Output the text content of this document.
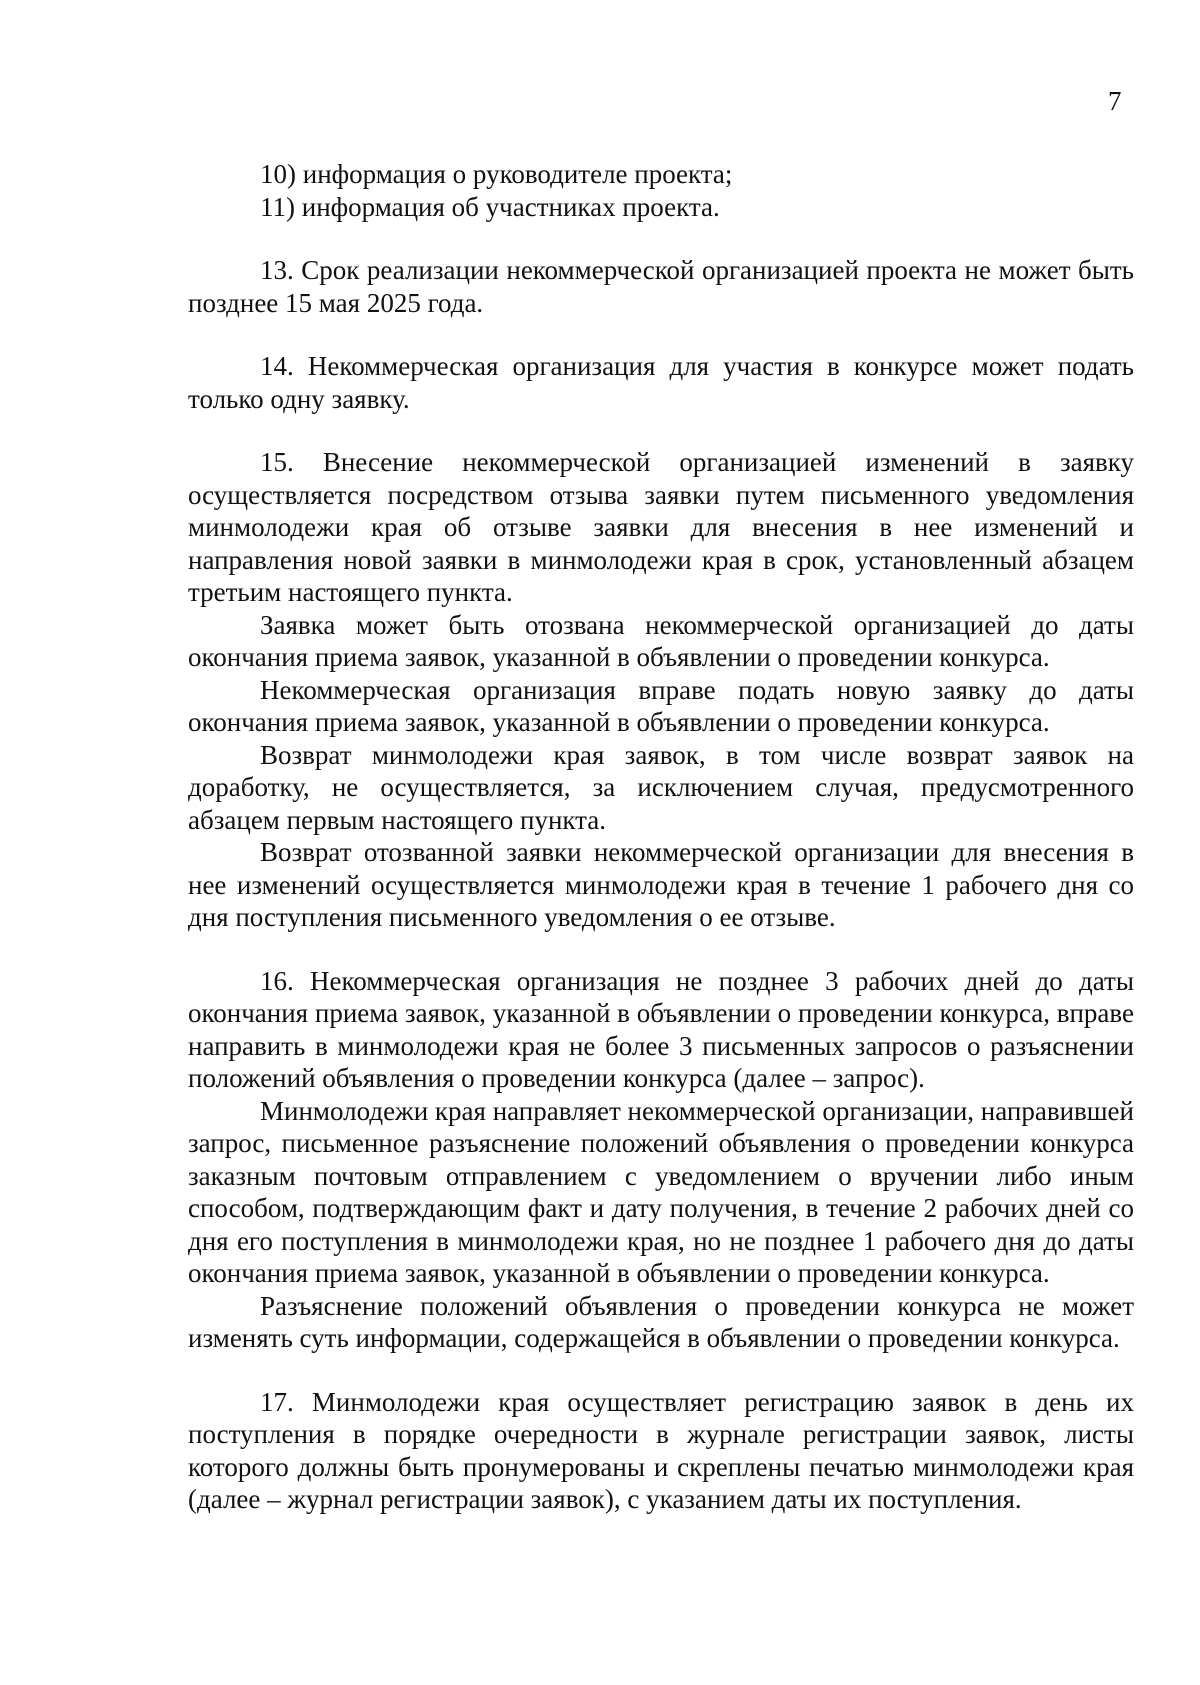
7

10) информация о руководителе проекта;

11) информация об участниках проекта.

13. Срок реализации некоммерческой организацией проекта не может быть позднее 15 мая 2025 года.

14. Некоммерческая организация для участия в конкурсе может подать только одну заявку.

15. Внесение некоммерческой организацией изменений в заявку осуществляется посредством отзыва заявки путем письменного уведомления минмолодежи края об отзыве заявки для внесения в нее изменений и направления новой заявки в минмолодежи края в срок, установленный абзацем третьим настоящего пункта.

Заявка может быть отозвана некоммерческой организацией до даты окончания приема заявок, указанной в объявлении о проведении конкурса.

Некоммерческая организация вправе подать новую заявку до даты окончания приема заявок, указанной в объявлении о проведении конкурса.

Возврат минмолодежи края заявок, в том числе возврат заявок на доработку, не осуществляется, за исключением случая, предусмотренного абзацем первым настоящего пункта.

Возврат отозванной заявки некоммерческой организации для внесения в нее изменений осуществляется минмолодежи края в течение 1 рабочего дня со дня поступления письменного уведомления о ее отзыве.

16. Некоммерческая организация не позднее 3 рабочих дней до даты окончания приема заявок, указанной в объявлении о проведении конкурса, вправе направить в минмолодежи края не более 3 письменных запросов о разъяснении положений объявления о проведении конкурса (далее – запрос).

Минмолодежи края направляет некоммерческой организации, направившей запрос, письменное разъяснение положений объявления о проведении конкурса заказным почтовым отправлением с уведомлением о вручении либо иным способом, подтверждающим факт и дату получения, в течение 2 рабочих дней со дня его поступления в минмолодежи края, но не позднее 1 рабочего дня до даты окончания приема заявок, указанной в объявлении о проведении конкурса.

Разъяснение положений объявления о проведении конкурса не может изменять суть информации, содержащейся в объявлении о проведении конкурса.

17. Минмолодежи края осуществляет регистрацию заявок в день их поступления в порядке очередности в журнале регистрации заявок, листы которого должны быть пронумерованы и скреплены печатью минмолодежи края (далее – журнал регистрации заявок), с указанием даты их поступления.
